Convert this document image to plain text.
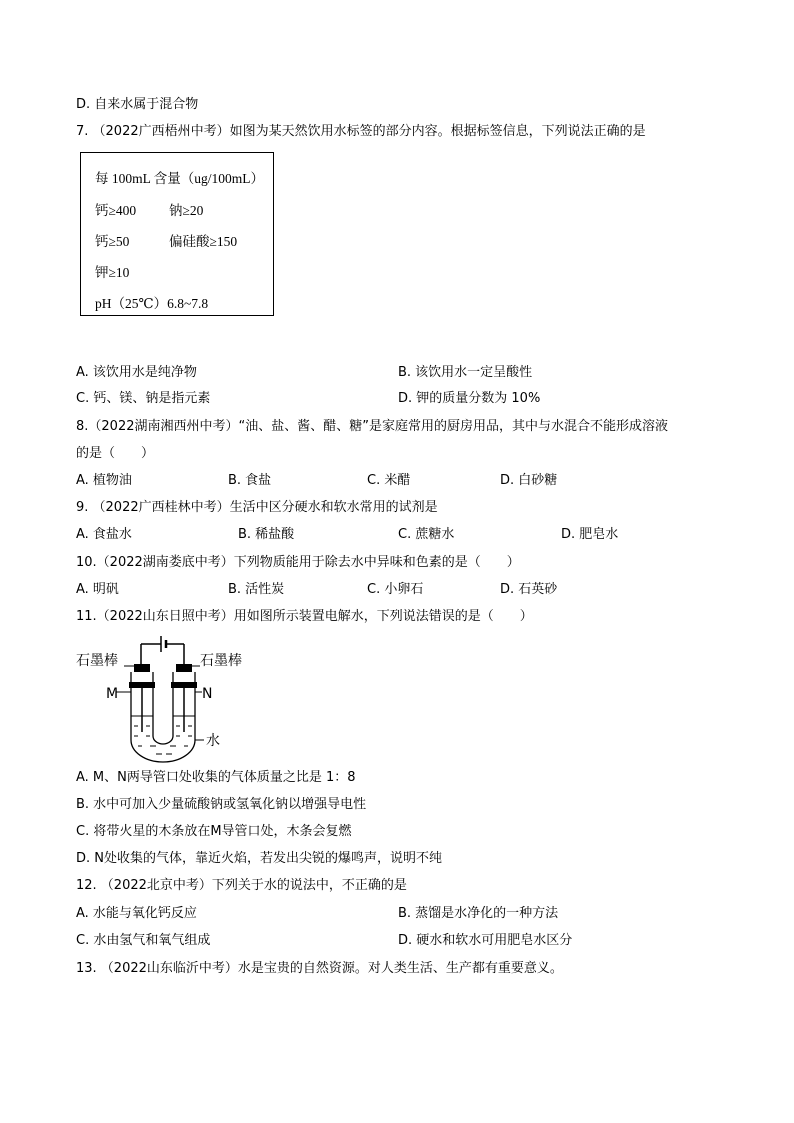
D. 自来水属于混合物
7. （2022广西梧州中考）如图为某天然饮用水标签的部分内容。根据标签信息，下列说法正确的是
每 100mL 含量（ug/100mL）
钙≥400 钠≥20
钙≥50	偏硅酸≥150
钾≥10
pH（25℃）6.8~7.8
A. 该饮用水是纯净物	B. 该饮用水一定呈酸性
C. 钙、镁、钠是指元素	D. 钾的质量分数为 10%
8.（2022湖南湘西州中考）“油、盐、酱、醋、糖”是家庭常用的厨房用品，其中与水混合不能形成溶液
的是（　　）
A. 植物油	B. 食盐	C. 米醋	D. 白砂糖
9. （2022广西桂林中考）生活中区分硬水和软水常用的试剂是
A. 食盐水	B. 稀盐酸	C. 蔗糖水	D. 肥皂水
10.（2022湖南娄底中考）下列物质能用于除去水中异味和色素的是（　　）
A. 明矾	B. 活性炭	C. 小卵石	D. 石英砂
11.（2022山东日照中考）用如图所示装置电解水，下列说法错误的是（　　）
石墨棒	石墨棒
M	N
水
A. M、N两导管口处收集的气体质量之比是 1：8
B. 水中可加入少量硫酸钠或氢氧化钠以增强导电性
C. 将带火星的木条放在M导管口处，木条会复燃
D. N处收集的气体，靠近火焰，若发出尖锐的爆鸣声，说明不纯
12. （2022北京中考）下列关于水的说法中，不正确的是
A. 水能与氧化钙反应	B. 蒸馏是水净化的一种方法
C. 水由氢气和氧气组成	D. 硬水和软水可用肥皂水区分
13. （2022山东临沂中考）水是宝贵的自然资源。对人类生活、生产都有重要意义。
